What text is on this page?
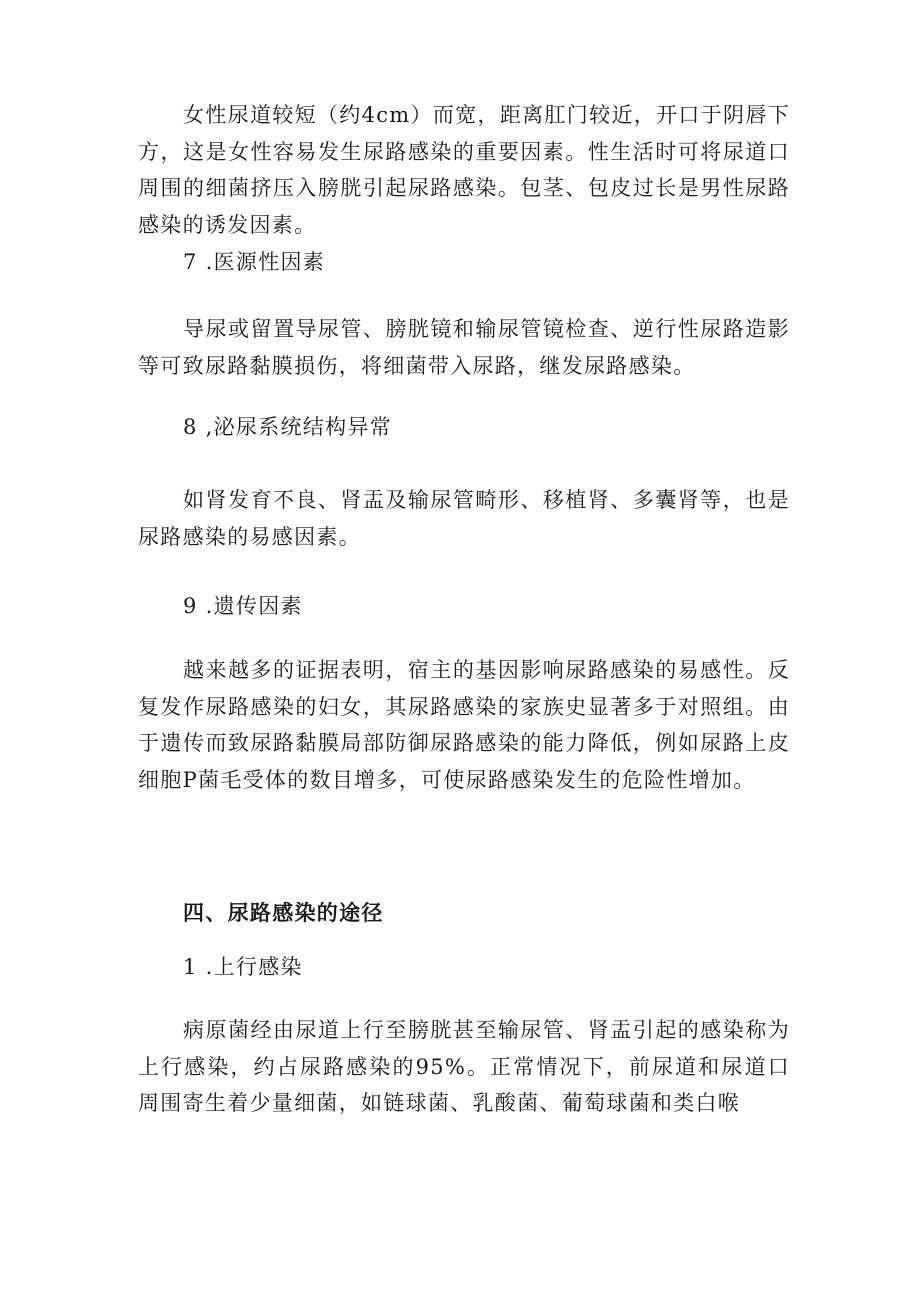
女性尿道较短（约4cm）而宽，距离肛门较近，开口于阴唇下方，这是女性容易发生尿路感染的重要因素。性生活时可将尿道口周围的细菌挤压入膀胱引起尿路感染。包茎、包皮过长是男性尿路感染的诱发因素。

7 .医源性因素

导尿或留置导尿管、膀胱镜和输尿管镜检查、逆行性尿路造影等可致尿路黏膜损伤，将细菌带入尿路，继发尿路感染。

8 ,泌尿系统结构异常

如肾发育不良、肾盂及输尿管畸形、移植肾、多囊肾等，也是尿路感染的易感因素。

9 .遗传因素

越来越多的证据表明，宿主的基因影响尿路感染的易感性。反复发作尿路感染的妇女，其尿路感染的家族史显著多于对照组。由于遗传而致尿路黏膜局部防御尿路感染的能力降低，例如尿路上皮细胞P菌毛受体的数目增多，可使尿路感染发生的危险性增加。

四、尿路感染的途径
1 .上行感染

病原菌经由尿道上行至膀胱甚至输尿管、肾盂引起的感染称为上行感染，约占尿路感染的95%。正常情况下，前尿道和尿道口周围寄生着少量细菌，如链球菌、乳酸菌、葡萄球菌和类白喉
